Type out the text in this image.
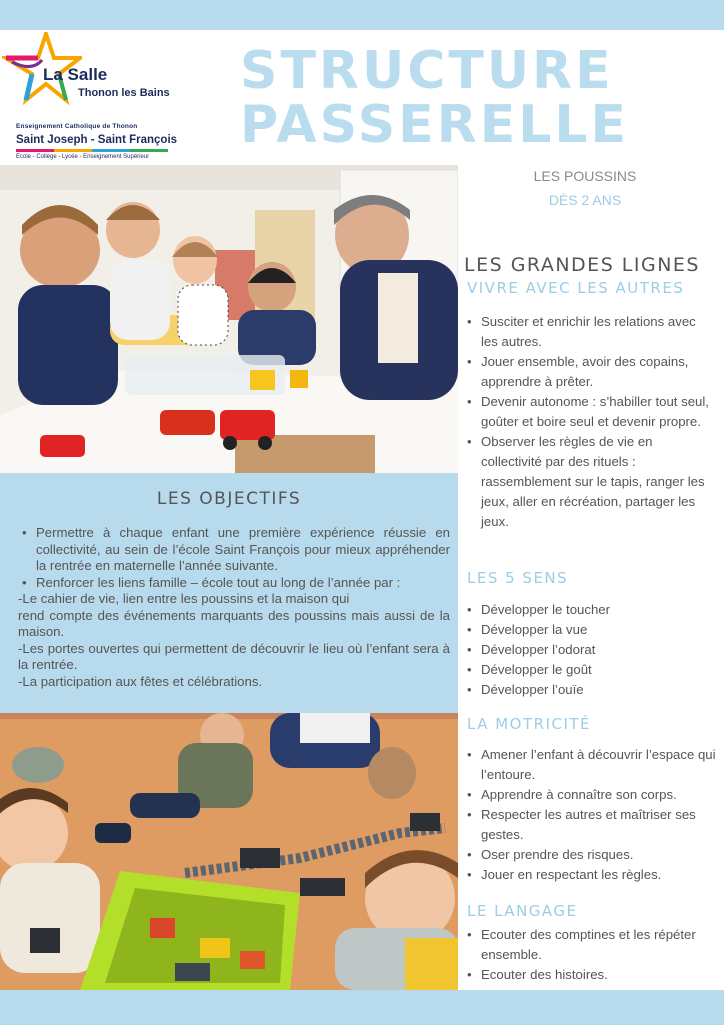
La Salle
Thonon les Bains
Enseignement Catholique de Thonon
Saint Joseph - Saint François
Ecole - Collège - Lycée - Enseignement Supérieur
STRUCTURE
PASSERELLE
LES POUSSINS
DÈS 2 ANS
LES OBJECTIFS
• Permettre à chaque enfant une première expérience réussie en collectivité, au sein de l’école Saint François pour mieux appréhender la rentrée en maternelle l’année suivante.
• Renforcer les liens famille – école tout au long de l’année par :
-Le cahier de vie, lien entre les poussins et la maison qui
rend compte des événements marquants des poussins mais aussi de la maison.
-Les portes ouvertes qui permettent de découvrir le lieu où l’enfant sera à la rentrée.
-La participation aux fêtes et célébrations.
LES GRANDES LIGNES
VIVRE AVEC LES AUTRES
• Susciter et enrichir les relations avec les autres.
• Jouer ensemble, avoir des copains, apprendre à prêter.
• Devenir autonome : s’habiller tout seul, goûter et boire seul et devenir propre.
• Observer les règles de vie en collectivité par des rituels : rassemblement sur le tapis, ranger les jeux, aller en récréation, partager les jeux.
LES 5 SENS
• Développer le toucher
• Développer la vue
• Développer l’odorat
• Développer le goût
• Développer l’ouïe
LA MOTRICITÉ
• Amener l’enfant à découvrir l’espace qui l’entoure.
• Apprendre à connaître son corps.
• Respecter les autres et maîtriser ses gestes.
• Oser prendre des risques.
• Jouer en respectant les règles.
LE LANGAGE
• Ecouter des comptines et les répéter ensemble.
• Ecouter des histoires.
